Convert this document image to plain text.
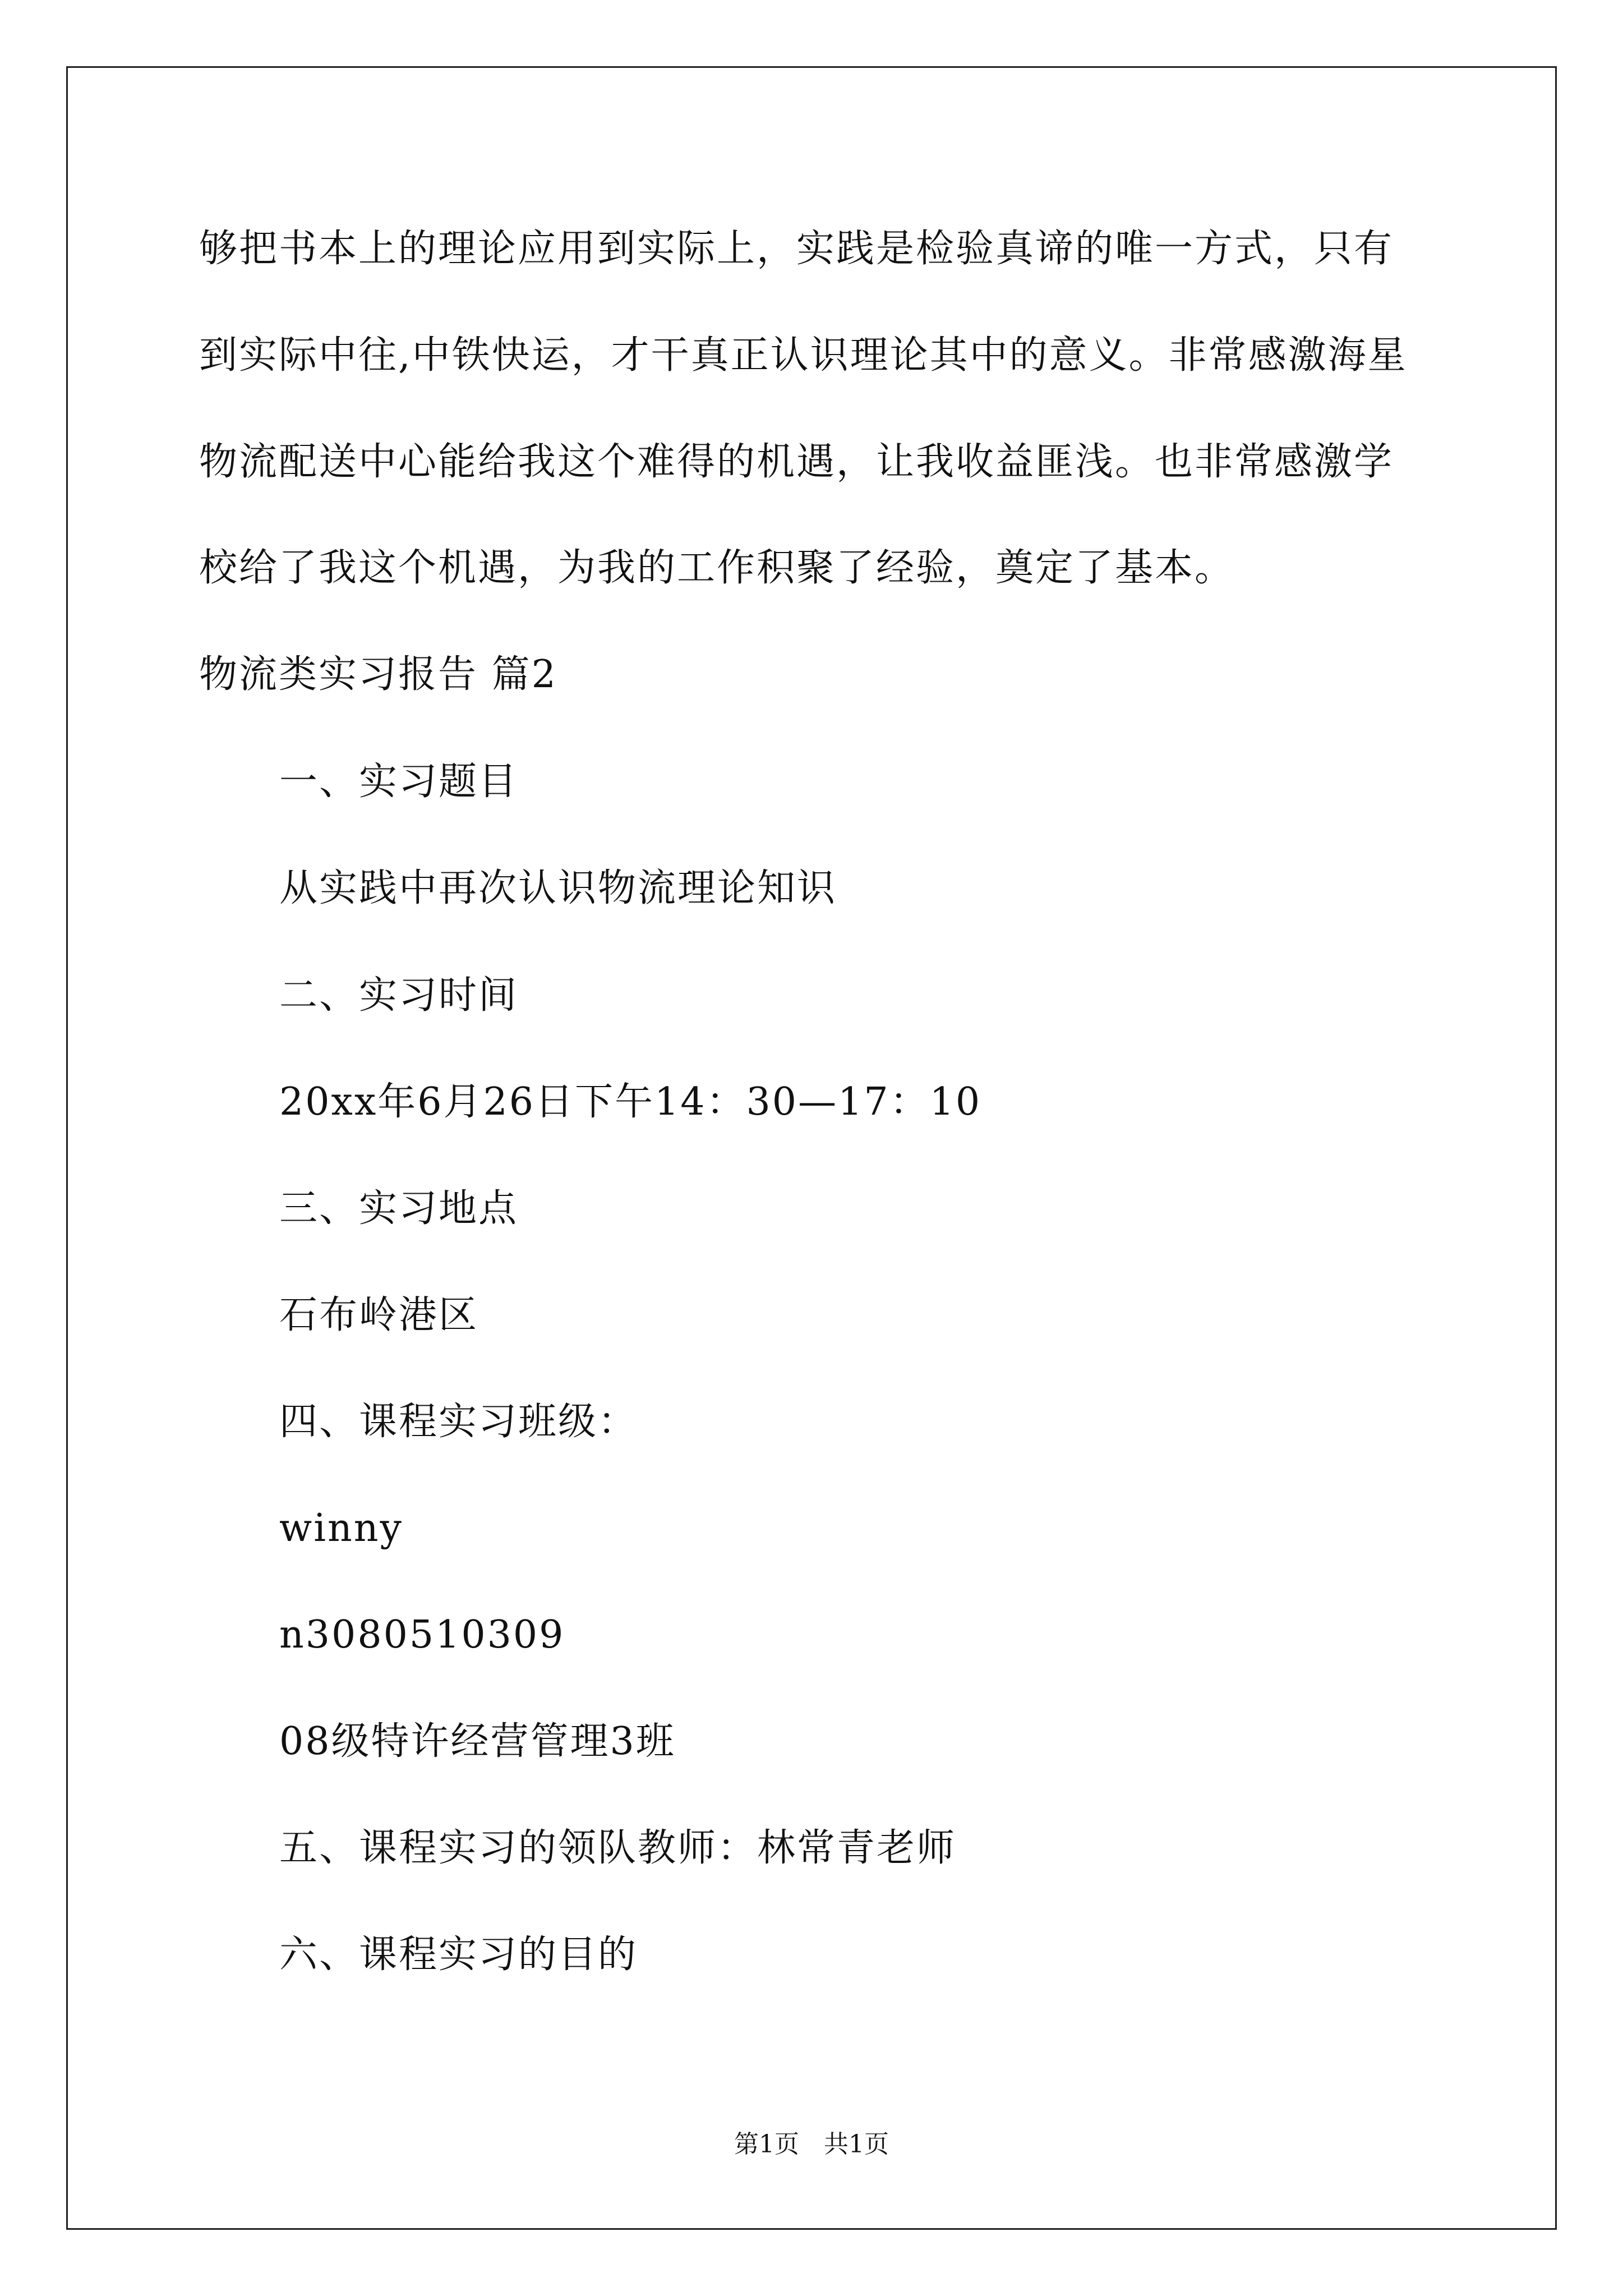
够把书本上的理论应用到实际上，实践是检验真谛的唯一方式，只有
到实际中往,中铁快运，才干真正认识理论其中的意义。非常感激海星
物流配送中心能给我这个难得的机遇，让我收益匪浅。也非常感激学
校给了我这个机遇，为我的工作积聚了经验，奠定了基本。
物流类实习报告 篇2
一、实习题目
从实践中再次认识物流理论知识
二、实习时间
20xx年6月26日下午14：30—17：10
三、实习地点
石布岭港区
四、课程实习班级：
winny
n3080510309
08级特许经营管理3班
五、课程实习的领队教师：林常青老师
六、课程实习的目的
第1页　共1页
